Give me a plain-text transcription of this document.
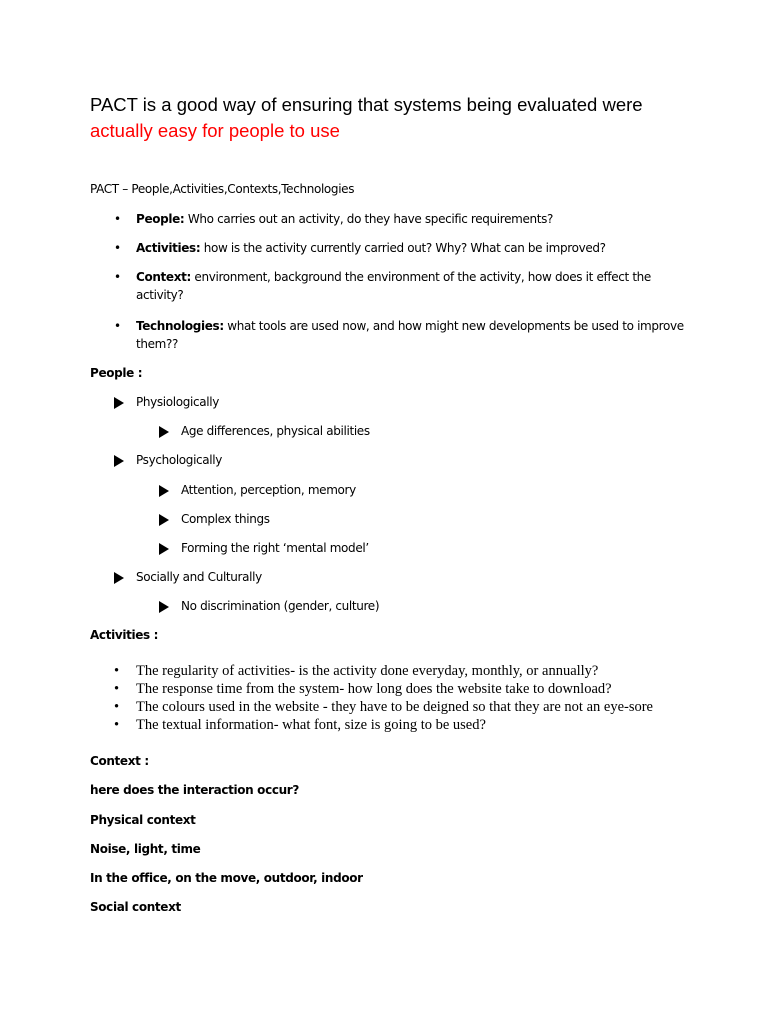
PACT is a good way of ensuring that systems being evaluated were
actually easy for people to use
PACT – People,Activities,Contexts,Technologies
• People: Who carries out an activity, do they have specific requirements?
• Activities: how is the activity currently carried out? Why? What can be improved?
• Context: environment, background the environment of the activity, how does it effect the activity?
• Technologies: what tools are used now, and how might new developments be used to improve them??
People :
Physiologically
Age differences, physical abilities
Psychologically
Attention, perception, memory
Complex things
Forming the right ‘mental model’
Socially and Culturally
No discrimination (gender, culture)
Activities :
• The regularity of activities- is the activity done everyday, monthly, or annually?
• The response time from the system- how long does the website take to download?
• The colours used in the website - they have to be deigned so that they are not an eye-sore
• The textual information- what font, size is going to be used?
Context :
here does the interaction occur?
Physical context
Noise, light, time
In the office, on the move, outdoor, indoor
Social context
